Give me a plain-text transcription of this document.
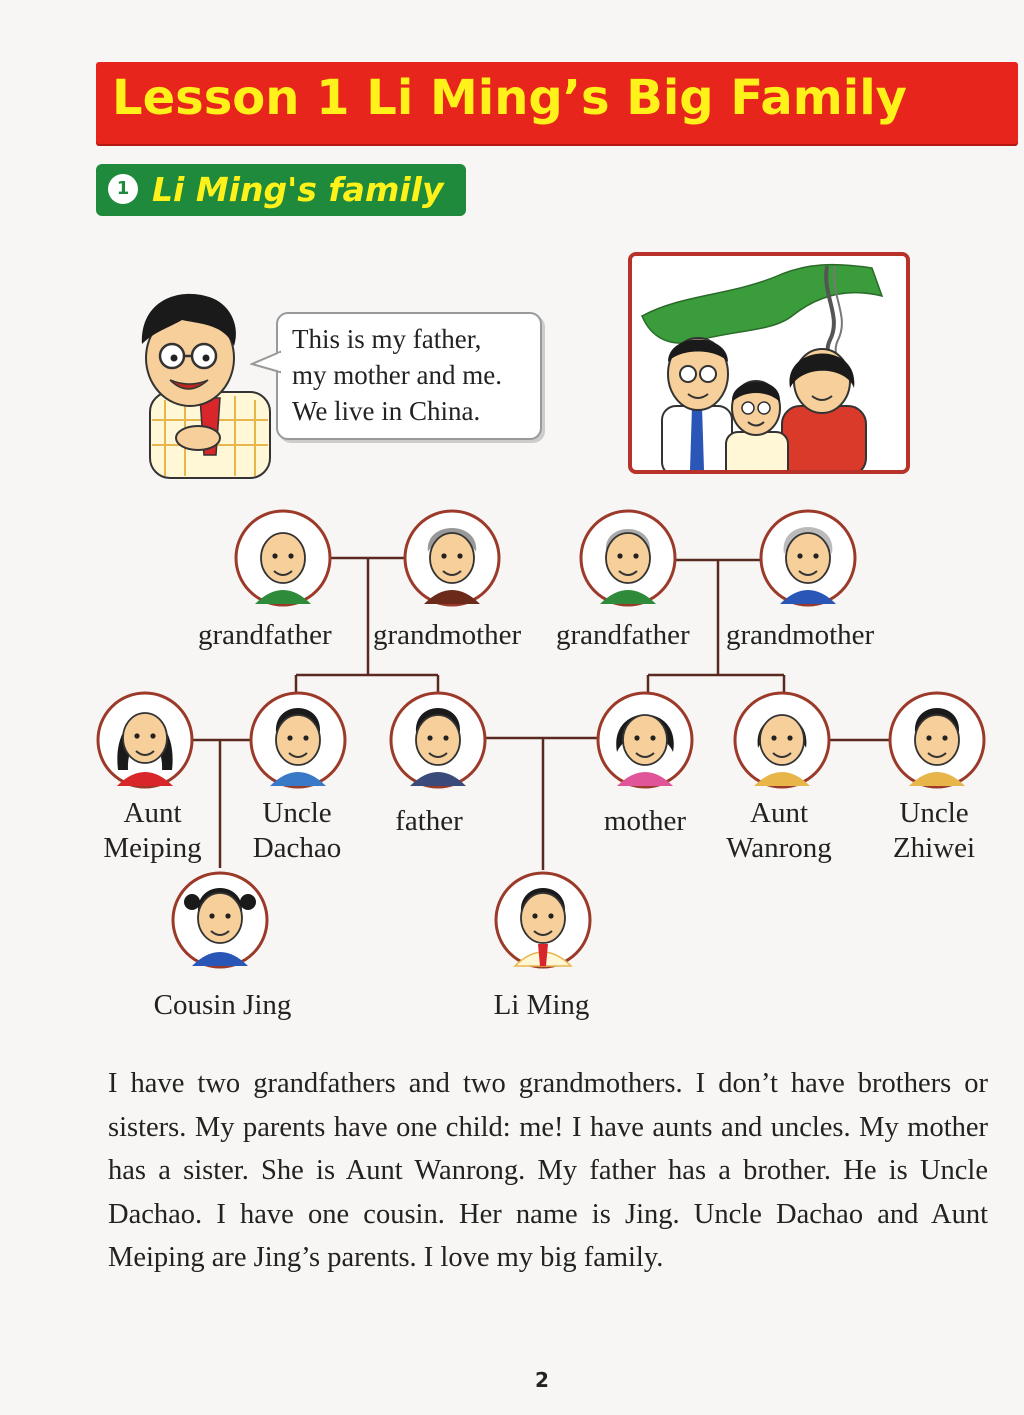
Lesson 1 Li Ming’s Big Family
1 Li Ming's family
This is my father,
my mother and me.
We live in China.
grandfather grandmother grandfather grandmother
Aunt
Meiping
Uncle
Dachao
father	mother	Aunt
Wanrong
Uncle
Zhiwei
Cousin Jing	Li Ming
I have two grandfathers and two grandmothers. I don’t have brothers or sisters. My parents have one child: me! I have aunts and uncles. My mother has a sister. She is Aunt Wanrong. My father has a brother. He is Uncle Dachao. I have one cousin. Her name is Jing. Uncle Dachao and Aunt Meiping are Jing’s parents. I love my big family.
2
